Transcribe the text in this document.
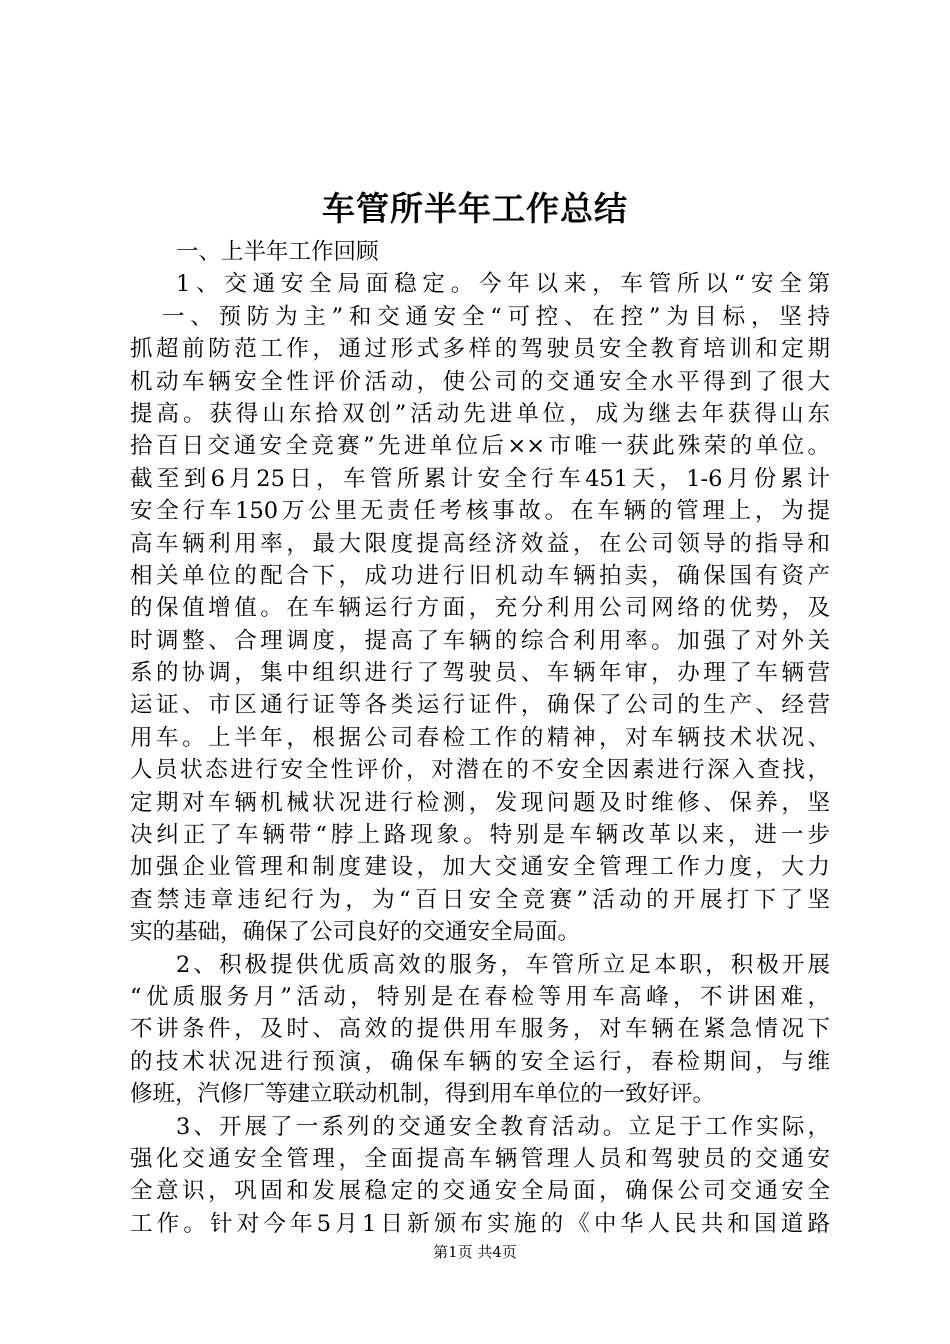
车管所半年工作总结
一、上半年工作回顾
1、交通安全局面稳定。今年以来，车管所以“安全第
一、预防为主”和交通安全“可控、在控”为目标，坚持
抓超前防范工作，通过形式多样的驾驶员安全教育培训和定期
机动车辆安全性评价活动，使公司的交通安全水平得到了很大
提高。获得山东拾双创”活动先进单位，成为继去年获得山东
拾百日交通安全竞赛”先进单位后××市唯一获此殊荣的单位。
截至到6月25日，车管所累计安全行车451天，1-6月份累计
安全行车150万公里无责任考核事故。在车辆的管理上，为提
高车辆利用率，最大限度提高经济效益，在公司领导的指导和
相关单位的配合下，成功进行旧机动车辆拍卖，确保国有资产
的保值增值。在车辆运行方面，充分利用公司网络的优势，及
时调整、合理调度，提高了车辆的综合利用率。加强了对外关
系的协调，集中组织进行了驾驶员、车辆年审，办理了车辆营
运证、市区通行证等各类运行证件，确保了公司的生产、经营
用车。上半年，根据公司春检工作的精神，对车辆技术状况、
人员状态进行安全性评价，对潜在的不安全因素进行深入查找，
定期对车辆机械状况进行检测，发现问题及时维修、保养，坚
决纠正了车辆带“脖上路现象。特别是车辆改革以来，进一步
加强企业管理和制度建设，加大交通安全管理工作力度，大力
查禁违章违纪行为，为“百日安全竞赛”活动的开展打下了坚
实的基础，确保了公司良好的交通安全局面。
2、积极提供优质高效的服务，车管所立足本职，积极开展
“优质服务月”活动，特别是在春检等用车高峰，不讲困难，
不讲条件，及时、高效的提供用车服务，对车辆在紧急情况下
的技术状况进行预演，确保车辆的安全运行，春检期间，与维
修班，汽修厂等建立联动机制，得到用车单位的一致好评。
3、开展了一系列的交通安全教育活动。立足于工作实际，
强化交通安全管理，全面提高车辆管理人员和驾驶员的交通安
全意识，巩固和发展稳定的交通安全局面，确保公司交通安全
工作。针对今年5月1日新颁布实施的《中华人民共和国道路
第1页 共4页
